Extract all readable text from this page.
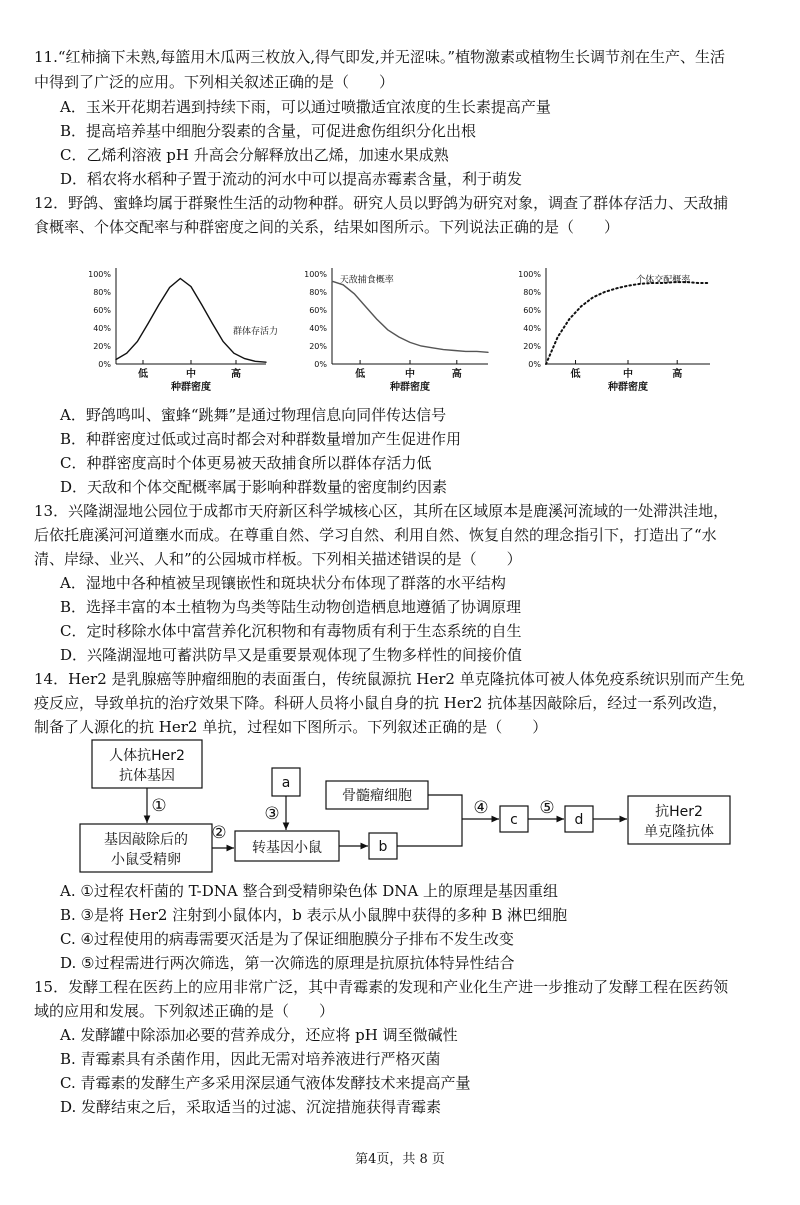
11.“红柿摘下未熟,每篮用木瓜两三枚放入,得气即发,并无涩味。”植物激素或植物生长调节剂在生产、生活
中得到了广泛的应用。下列相关叙述正确的是（　　）
A．玉米开花期若遇到持续下雨，可以通过喷撒适宜浓度的生长素提高产量
B．提高培养基中细胞分裂素的含量，可促进愈伤组织分化出根
C．乙烯利溶液 pH 升高会分解释放出乙烯，加速水果成熟
D．稻农将水稻种子置于流动的河水中可以提高赤霉素含量，利于萌发
12．野鸽、蜜蜂均属于群聚性生活的动物种群。研究人员以野鸽为研究对象，调查了群体存活力、天敌捕
食概率、个体交配率与种群密度之间的关系，结果如图所示。下列说法正确的是（　　）
100%
80%
60%
40%
20%
0%
低	中	高
种群密度
群体存活力
100%
80%
60%
40%
20%
0%
低	中	高
种群密度
天敌捕食概率
100%
80%
60%
40%
20%
0%
低	中	高
种群密度
个体交配概率
A．野鸽鸣叫、蜜蜂“跳舞”是通过物理信息向同伴传达信号
B．种群密度过低或过高时都会对种群数量增加产生促进作用
C．种群密度高时个体更易被天敌捕食所以群体存活力低
D．天敌和个体交配概率属于影响种群数量的密度制约因素
13．兴隆湖湿地公园位于成都市天府新区科学城核心区，其所在区域原本是鹿溪河流域的一处滞洪洼地，
后依托鹿溪河河道壅水而成。在尊重自然、学习自然、利用自然、恢复自然的理念指引下，打造出了“水
清、岸绿、业兴、人和”的公园城市样板。下列相关描述错误的是（　　）
A．湿地中各种植被呈现镶嵌性和斑块状分布体现了群落的水平结构
B．选择丰富的本土植物为鸟类等陆生动物创造栖息地遵循了协调原理
C．定时移除水体中富营养化沉积物和有毒物质有利于生态系统的自生
D．兴隆湖湿地可蓄洪防旱又是重要景观体现了生物多样性的间接价值
14．Her2 是乳腺癌等肿瘤细胞的表面蛋白，传统鼠源抗 Her2 单克隆抗体可被人体免疫系统识别而产生免
疫反应，导致单抗的治疗效果下降。科研人员将小鼠自身的抗 Her2 抗体基因敲除后，经过一系列改造，
制备了人源化的抗 Her2 单抗，过程如下图所示。下列叙述正确的是（　　）
人体抗Her2
抗体基因
基因敲除后的
小鼠受精卵
转基因小鼠
a
骨髓瘤细胞
b
c	d	抗Her2
单克隆抗体
①
②
③	④	⑤
A. ①过程农杆菌的 T-DNA 整合到受精卵染色体 DNA 上的原理是基因重组
B. ③是将 Her2 注射到小鼠体内，b 表示从小鼠脾中获得的多种 B 淋巴细胞
C. ④过程使用的病毒需要灭活是为了保证细胞膜分子排布不发生改变
D. ⑤过程需进行两次筛选，第一次筛选的原理是抗原抗体特异性结合
15．发酵工程在医药上的应用非常广泛，其中青霉素的发现和产业化生产进一步推动了发酵工程在医药领
域的应用和发展。下列叙述正确的是（　　）
A. 发酵罐中除添加必要的营养成分，还应将 pH 调至微碱性
B. 青霉素具有杀菌作用，因此无需对培养液进行严格灭菌
C. 青霉素的发酵生产多采用深层通气液体发酵技术来提高产量
D. 发酵结束之后，采取适当的过滤、沉淀措施获得青霉素
第4页，共 8 页
